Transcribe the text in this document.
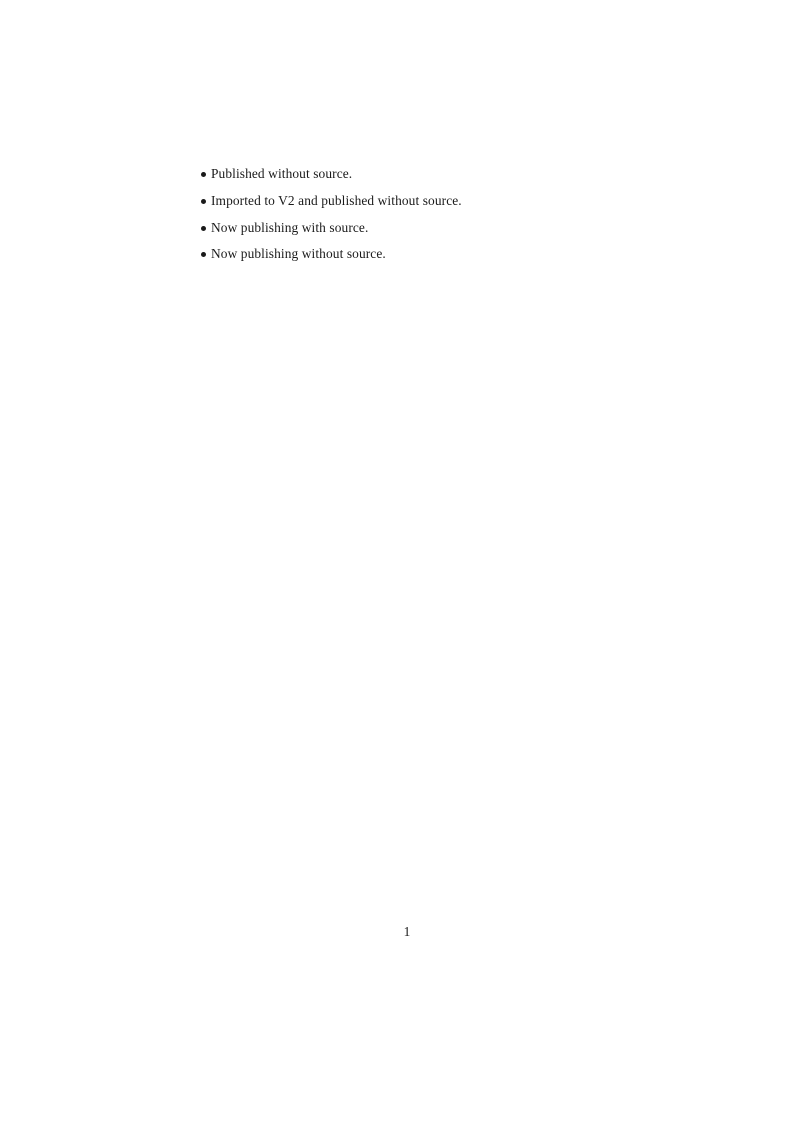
Published without source.
Imported to V2 and published without source.
Now publishing with source.
Now publishing without source.
1
